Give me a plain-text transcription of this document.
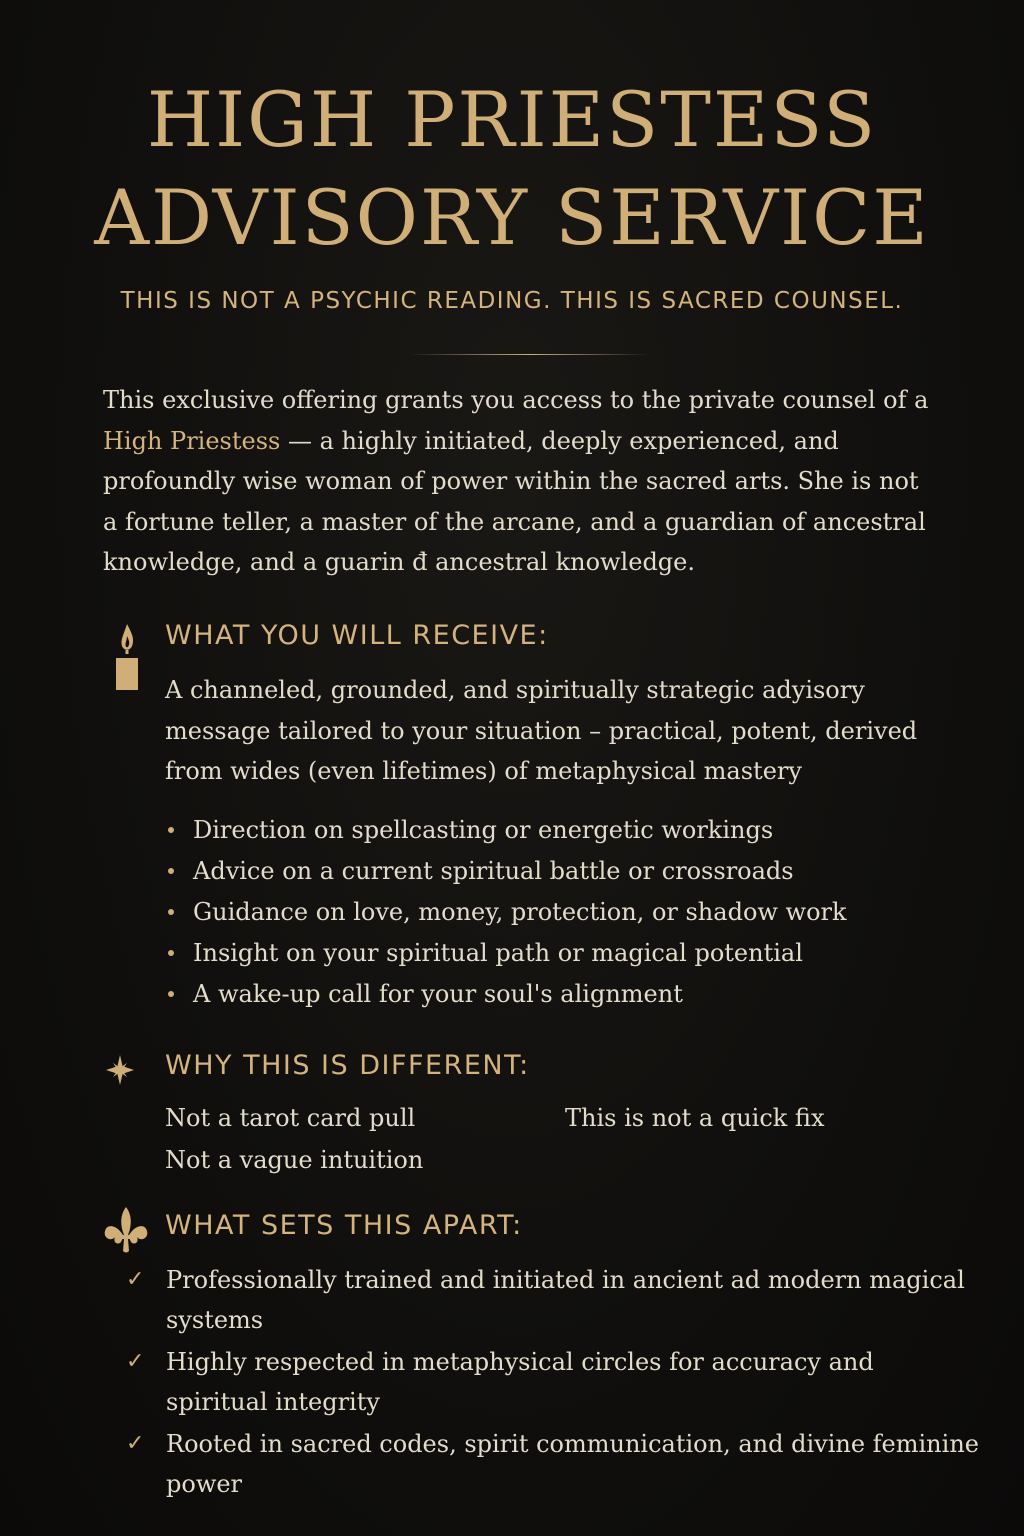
HIGH PRIESTESS
ADVISORY SERVICE
THIS IS NOT A PSYCHIC READING. THIS IS SACRED COUNSEL.

This exclusive offering grants you access to the private counsel of a High Priestess — a highly initiated, deeply experienced, and profoundly wise woman of power within the sacred arts. She is not a fortune teller, a master of the arcane, and a guardian of ancestral knowledge, and a guarin đ ancestral knowledge.

WHAT YOU WILL RECEIVE:
A channeled, grounded, and spiritually strategic adyisory message tailored to your situation – practical, potent, derived from wides (even lifetimes) of metaphysical mastery
Direction on spellcasting or energetic workings
Advice on a current spiritual battle or crossroads
Guidance on love, money, protection, or shadow work
Insight on your spiritual path or magical potential
A wake-up call for your soul's alignment
WHY THIS IS DIFFERENT:
Not a tarot card pull	This is not a quick fix
Not a vague intuition
WHAT SETS THIS APART:
✓ Professionally trained and initiated in ancient ad modern magical systems
✓ Highly respected in metaphysical circles for accuracy and spiritual integrity
✓ Rooted in sacred codes, spirit communication, and divine feminine power
